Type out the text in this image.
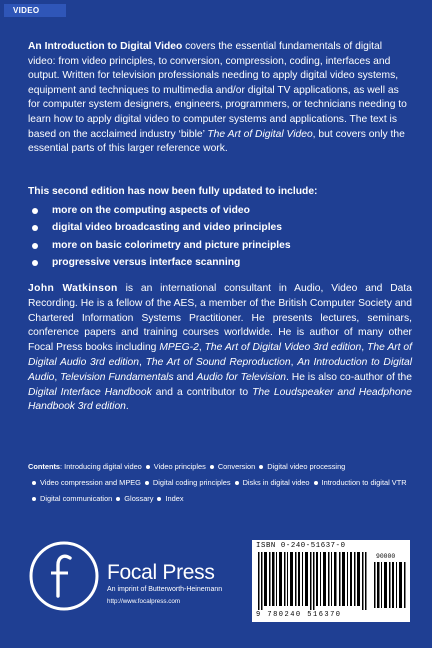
VIDEO

An Introduction to Digital Video covers the essential fundamentals of digital video: from video principles, to conversion, compression, coding, interfaces and output. Written for television professionals needing to apply digital video systems, equipment and techniques to multimedia and/or digital TV applications, as well as for computer system designers, engineers, programmers, or technicians needing to learn how to apply digital video to computer systems and applications. The text is based on the acclaimed industry ‘bible’ The Art of Digital Video, but covers only the essential parts of this larger reference work.

This second edition has now been fully updated to include:

more on the computing aspects of video
digital video broadcasting and video principles
more on basic colorimetry and picture principles
progressive versus interface scanning

John Watkinson is an international consultant in Audio, Video and Data Recording. He is a fellow of the AES, a member of the British Computer Society and Chartered Information Systems Practitioner. He presents lectures, seminars, conference papers and training courses worldwide. He is author of many other Focal Press books including MPEG-2, The Art of Digital Video 3rd edition, The Art of Digital Audio 3rd edition, The Art of Sound Reproduction, An Introduction to Digital Audio, Television Fundamentals and Audio for Television. He is also co-author of the Digital Interface Handbook and a contributor to The Loudspeaker and Headphone Handbook 3rd edition.

Contents: Introducing digital video Video principles Conversion Digital video processing
Video compression and MPEG Digital coding principles Disks in digital video Introduction to digital VTRDigital communication Glossary Index

Focal Press

An imprint of Butterworth-Heinemann

http://www.focalpress.com

ISBN 0-240-51637-0

90000

9 780240 516370
